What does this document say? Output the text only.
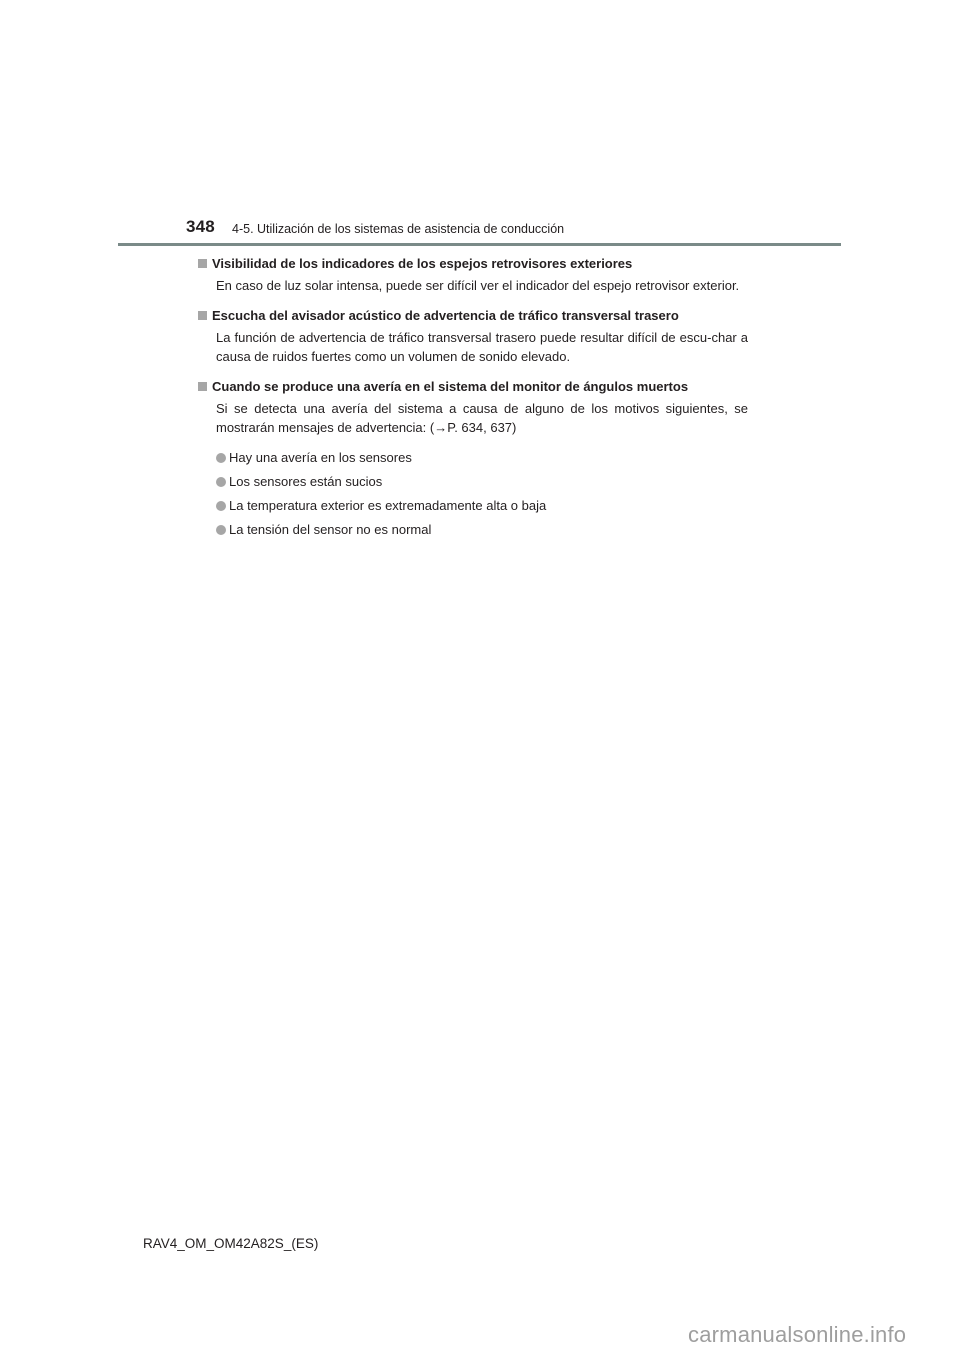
348 4-5. Utilización de los sistemas de asistencia de conducción
Visibilidad de los indicadores de los espejos retrovisores exteriores
En caso de luz solar intensa, puede ser difícil ver el indicador del espejo retrovisor exterior.
Escucha del avisador acústico de advertencia de tráfico transversal trasero
La función de advertencia de tráfico transversal trasero puede resultar difícil de escu-char a causa de ruidos fuertes como un volumen de sonido elevado.
Cuando se produce una avería en el sistema del monitor de ángulos muertos
Si se detecta una avería del sistema a causa de alguno de los motivos siguientes, se mostrarán mensajes de advertencia: (→P. 634, 637)
Hay una avería en los sensores
Los sensores están sucios
La temperatura exterior es extremadamente alta o baja
La tensión del sensor no es normal
RAV4_OM_OM42A82S_(ES)
carmanualsonline.info
